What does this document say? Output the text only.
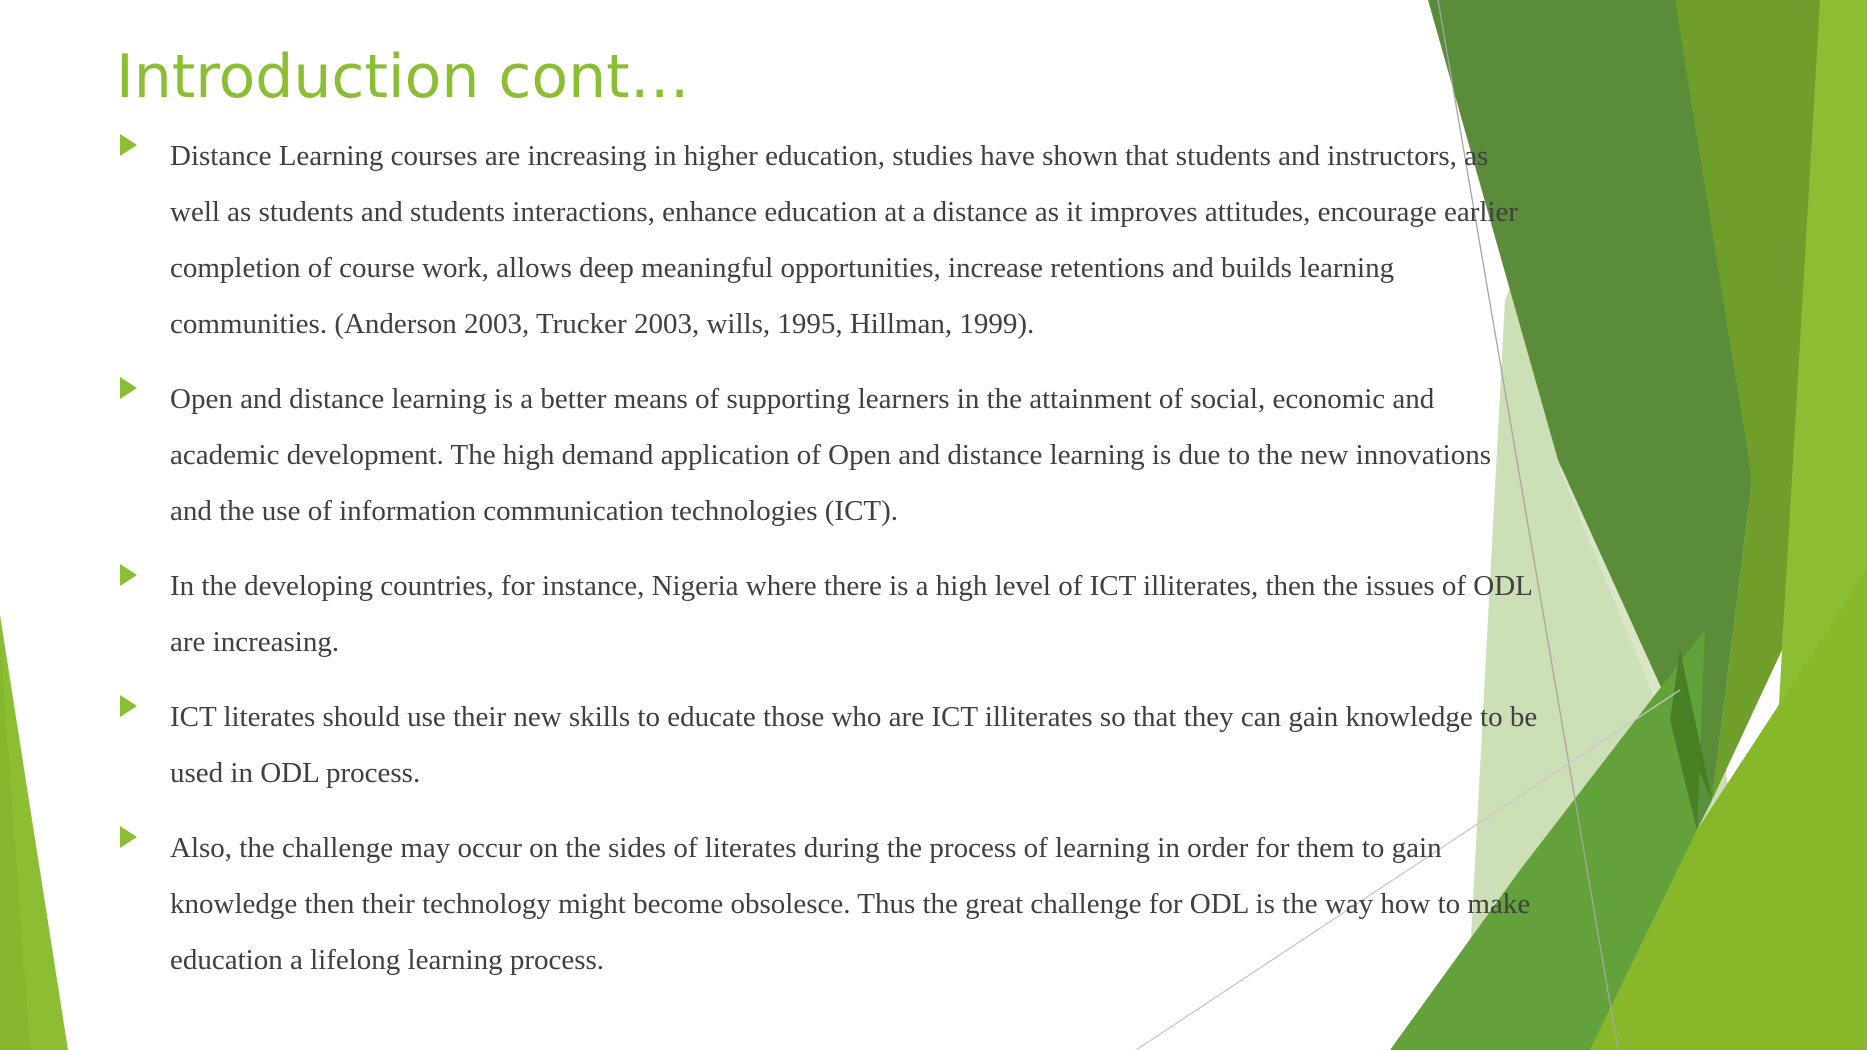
Introduction cont…
Distance Learning courses are increasing in higher education, studies have shown that students and instructors, as well as students and students interactions, enhance education at a distance as it improves attitudes, encourage earlier completion of course work, allows deep meaningful opportunities, increase retentions and builds learning communities. (Anderson 2003, Trucker 2003, wills, 1995, Hillman, 1999).
Open and distance learning is a better means of supporting learners in the attainment of social, economic and academic development. The high demand application of Open and distance learning is due to the new innovations and the use of information communication technologies (ICT).
In the developing countries, for instance, Nigeria where there is a high level of ICT illiterates, then the issues of ODL are increasing.
ICT literates should use their new skills to educate those who are ICT illiterates so that they can gain knowledge to be used in ODL process.
Also, the challenge may occur on the sides of literates during the process of learning in order for them to gain knowledge then their technology might become obsolesce. Thus the great challenge for ODL is the way how to make education a lifelong learning process.
